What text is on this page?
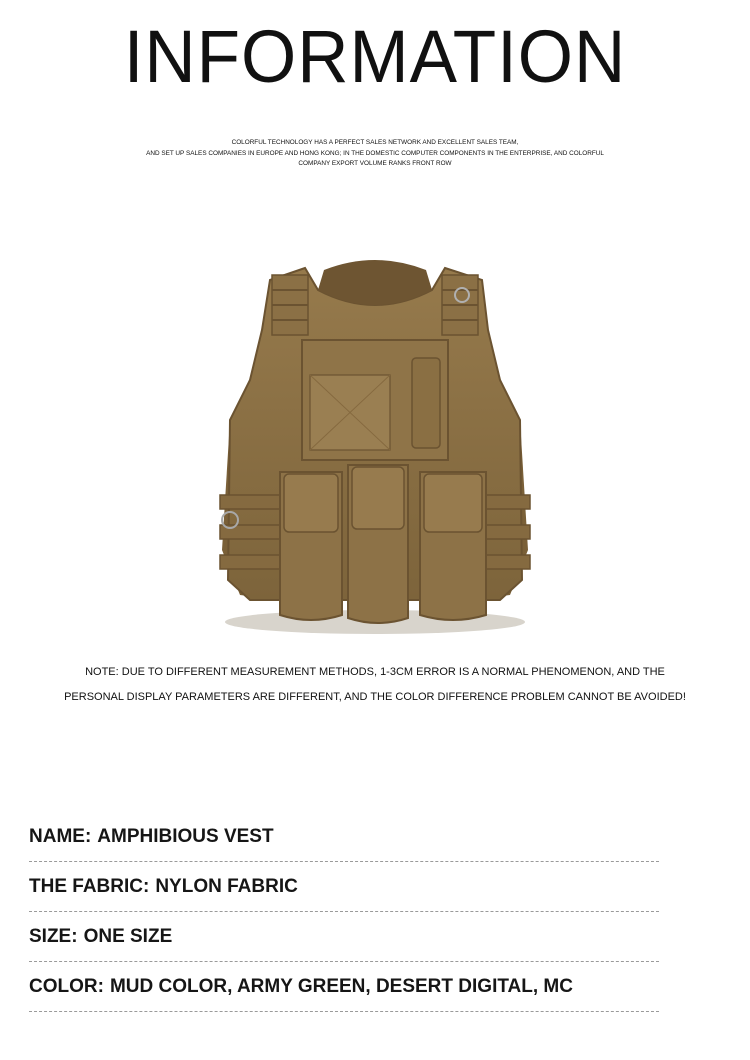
INFORMATION

COLORFUL TECHNOLOGY HAS A PERFECT SALES NETWORK AND EXCELLENT SALES TEAM,
AND SET UP SALES COMPANIES IN EUROPE AND HONG KONG; IN THE DOMESTIC COMPUTER COMPONENTS IN THE ENTERPRISE, AND COLORFUL
COMPANY EXPORT VOLUME RANKS FRONT ROW

NOTE: DUE TO DIFFERENT MEASUREMENT METHODS, 1-3CM ERROR IS A NORMAL PHENOMENON, AND THE
PERSONAL DISPLAY PARAMETERS ARE DIFFERENT, AND THE COLOR DIFFERENCE PROBLEM CANNOT BE AVOIDED!

NAME: AMPHIBIOUS VEST
THE FABRIC: NYLON FABRIC
SIZE: ONE SIZE
COLOR: MUD COLOR, ARMY GREEN, DESERT DIGITAL, MC
